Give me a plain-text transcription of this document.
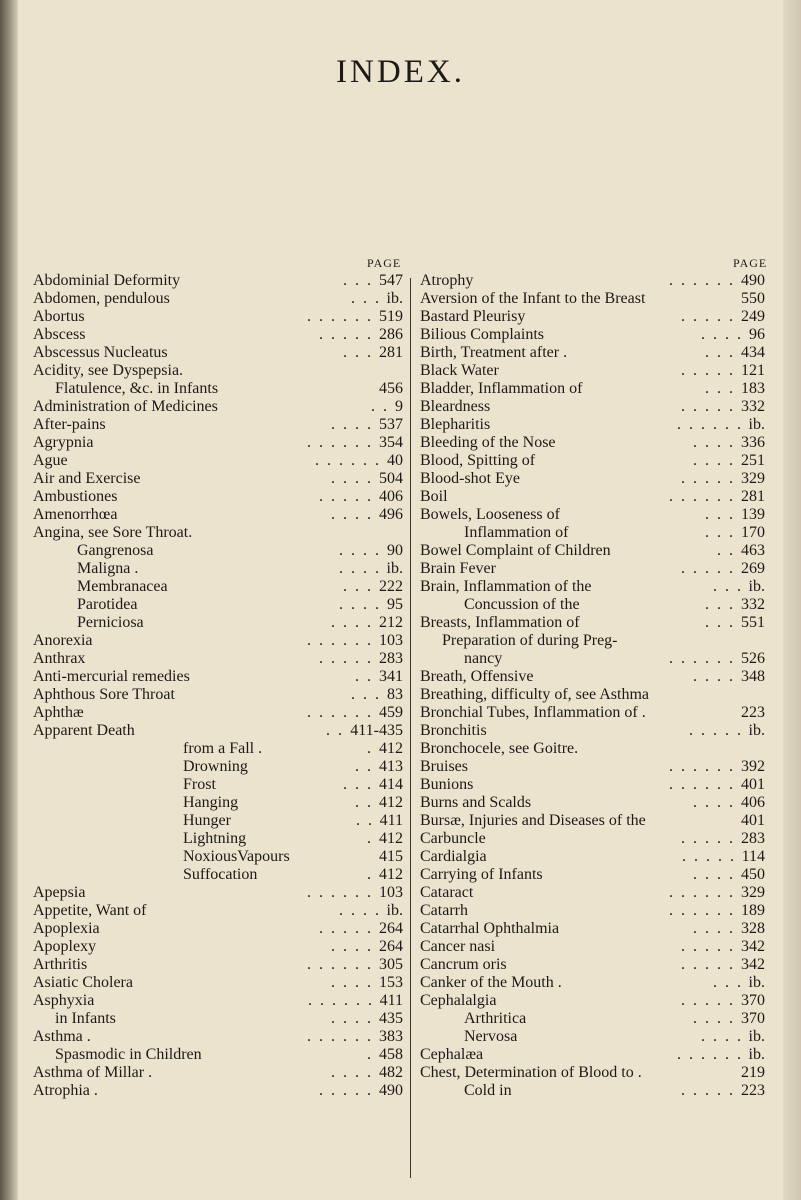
INDEX.
PAGE	PAGE
Abdominial Deformity	. . . 547
Abdomen, pendulous	. . . ib.
Abortus	. . . . . . 519
Abscess	. . . . . 286
Abscessus Nucleatus	. . . 281
Acidity, see Dyspepsia.
Flatulence, &c. in Infants	456
Administration of Medicines	. . 9
After-pains	. . . . 537
Agrypnia	. . . . . . 354
Ague	. . . . . . 40
Air and Exercise	. . . . 504
Ambustiones	. . . . . 406
Amenorrhœa	. . . . 496
Angina, see Sore Throat.
Gangrenosa	. . . . 90
Maligna .	. . . . ib.
Membranacea	. . . 222
Parotidea	. . . . 95
Perniciosa	. . . . 212
Anorexia	. . . . . . 103
Anthrax	. . . . . 283
Anti-mercurial remedies	. . 341
Aphthous Sore Throat	. . . 83
Aphthæ	. . . . . . 459
Apparent Death	. . 411-435
from a Fall .	. 412
Drowning	. . 413
Frost	. . . 414
Hanging	. . 412
Hunger	. . 411
Lightning	. 412
NoxiousVapours	415
Suffocation	. 412
Apepsia	. . . . . . 103
Appetite, Want of	. . . . ib.
Apoplexia	. . . . . 264
Apoplexy	. . . . 264
Arthritis	. . . . . . 305
Asiatic Cholera	. . . . 153
Asphyxia	. . . . . . 411
in Infants	. . . . 435
Asthma .	. . . . . . 383
Spasmodic in Children	. 458
Asthma of Millar .	. . . . 482
Atrophia .	. . . . . 490
Atrophy	. . . . . . 490
Aversion of the Infant to the Breast	550
Bastard Pleurisy	. . . . . 249
Bilious Complaints	. . . . 96
Birth, Treatment after .	. . . 434
Black Water	. . . . . 121
Bladder, Inflammation of	. . . 183
Bleardness	. . . . . 332
Blepharitis	. . . . . . ib.
Bleeding of the Nose	. . . . 336
Blood, Spitting of	. . . . 251
Blood-shot Eye	. . . . . 329
Boil	. . . . . . 281
Bowels, Looseness of	. . . 139
Inflammation of	. . . 170
Bowel Complaint of Children	. . 463
Brain Fever	. . . . . 269
Brain, Inflammation of the	. . . ib.
Concussion of the	. . . 332
Breasts, Inflammation of	. . . 551
Preparation of during Preg-
nancy	. . . . . . 526
Breath, Offensive	. . . . 348
Breathing, difficulty of, see Asthma
Bronchial Tubes, Inflammation of .	223
Bronchitis	. . . . . ib.
Bronchocele, see Goitre.
Bruises	. . . . . . 392
Bunions	. . . . . . 401
Burns and Scalds	. . . . 406
Bursæ, Injuries and Diseases of the	401
Carbuncle	. . . . . 283
Cardialgia	. . . . . 114
Carrying of Infants	. . . . 450
Cataract	. . . . . . 329
Catarrh	. . . . . . 189
Catarrhal Ophthalmia	. . . . 328
Cancer nasi	. . . . . 342
Cancrum oris	. . . . . 342
Canker of the Mouth .	. . . ib.
Cephalalgia	. . . . . 370
Arthritica	. . . . 370
Nervosa	. . . . ib.
Cephalæa	. . . . . . ib.
Chest, Determination of Blood to .	219
Cold in	. . . . . 223
